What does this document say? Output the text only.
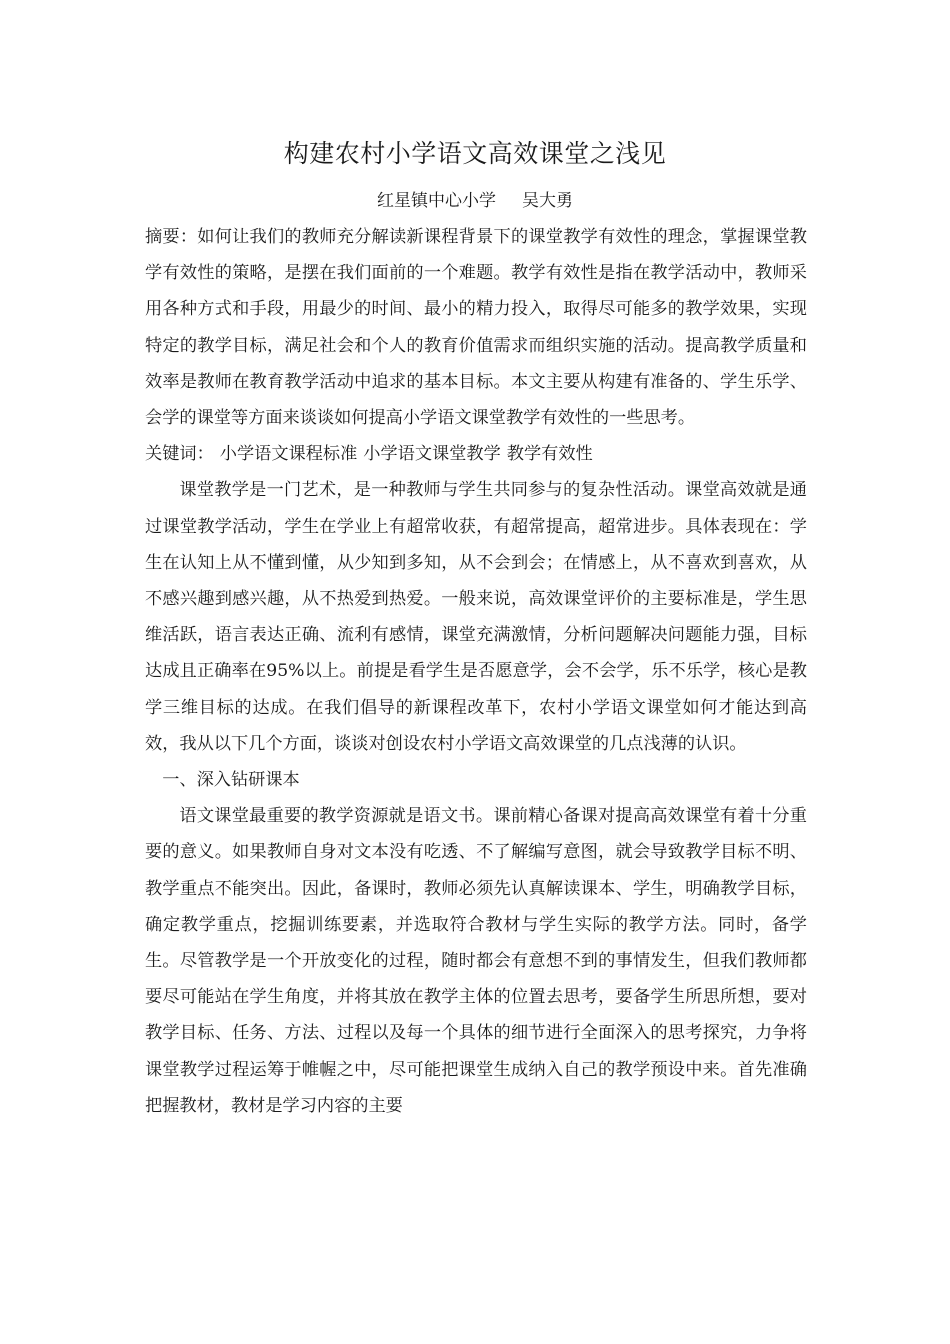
构建农村小学语文高效课堂之浅见
红星镇中心小学 吴大勇

摘要：如何让我们的教师充分解读新课程背景下的课堂教学有效性的理念，掌握课堂教学有效性的策略，是摆在我们面前的一个难题。教学有效性是指在教学活动中，教师采用各种方式和手段，用最少的时间、最小的精力投入，取得尽可能多的教学效果，实现特定的教学目标，满足社会和个人的教育价值需求而组织实施的活动。提高教学质量和效率是教师在教育教学活动中追求的基本目标。本文主要从构建有准备的、学生乐学、会学的课堂等方面来谈谈如何提高小学语文课堂教学有效性的一些思考。

关键词： 小学语文课程标准 小学语文课堂教学 教学有效性

课堂教学是一门艺术，是一种教师与学生共同参与的复杂性活动。课堂高效就是通过课堂教学活动，学生在学业上有超常收获，有超常提高，超常进步。具体表现在：学生在认知上从不懂到懂，从少知到多知，从不会到会；在情感上，从不喜欢到喜欢，从不感兴趣到感兴趣，从不热爱到热爱。一般来说，高效课堂评价的主要标准是，学生思维活跃，语言表达正确、流利有感情，课堂充满激情，分析问题解决问题能力强，目标达成且正确率在95%以上。前提是看学生是否愿意学，会不会学，乐不乐学，核心是教学三维目标的达成。在我们倡导的新课程改革下，农村小学语文课堂如何才能达到高效，我从以下几个方面，谈谈对创设农村小学语文高效课堂的几点浅薄的认识。

一、深入钻研课本

语文课堂最重要的教学资源就是语文书。课前精心备课对提高高效课堂有着十分重要的意义。如果教师自身对文本没有吃透、不了解编写意图，就会导致教学目标不明、教学重点不能突出。因此，备课时，教师必须先认真解读课本、学生，明确教学目标，确定教学重点，挖掘训练要素，并选取符合教材与学生实际的教学方法。同时，备学生。尽管教学是一个开放变化的过程，随时都会有意想不到的事情发生，但我们教师都要尽可能站在学生角度，并将其放在教学主体的位置去思考，要备学生所思所想，要对教学目标、任务、方法、过程以及每一个具体的细节进行全面深入的思考探究，力争将课堂教学过程运筹于帷幄之中，尽可能把课堂生成纳入自己的教学预设中来。首先准确把握教材，教材是学习内容的主要
